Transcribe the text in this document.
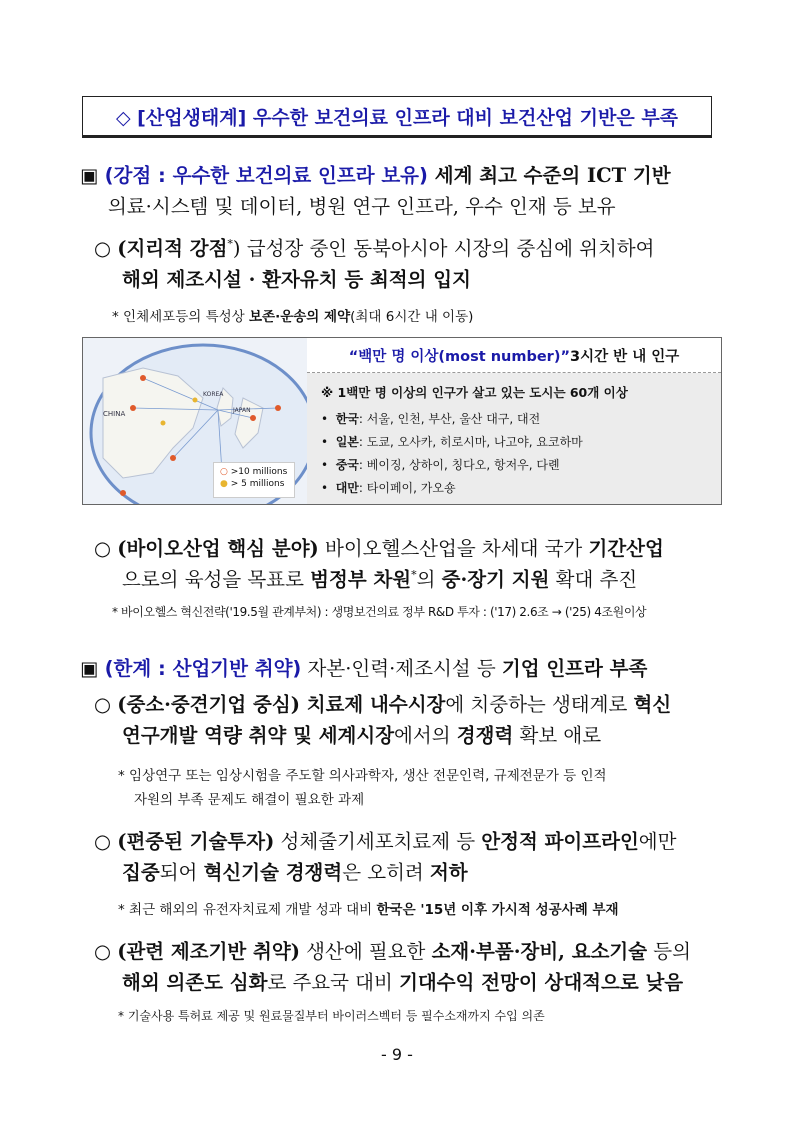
◇ [산업생태계] 우수한 보건의료 인프라 대비 보건산업 기반은 부족
▣ (강점 : 우수한 보건의료 인프라 보유) 세계 최고 수준의 ICT 기반
의료·시스템 및 데이터, 병원 연구 인프라, 우수 인재 등 보유
○ (지리적 강점*) 급성장 중인 동북아시아 시장의 중심에 위치하여
해외 제조시설 · 환자유치 등 최적의 입지
* 인체세포등의 특성상 보존·운송의 제약(최대 6시간 내 이동)
CHINA
KOREA
JAPAN
○ >10 millions
● > 5 millions
“백만 명 이상(most number)” 3시간 반 내 인구
※ 1백만 명 이상의 인구가 살고 있는 도시는 60개 이상
• 한국: 서울, 인천, 부산, 울산 대구, 대전
• 일본: 도쿄, 오사카, 히로시마, 나고야, 요코하마
• 중국: 베이징, 상하이, 칭다오, 항저우, 다롄
• 대만: 타이페이, 가오숑
○ (바이오산업 핵심 분야) 바이오헬스산업을 차세대 국가 기간산업
으로의 육성을 목표로 범정부 차원*의 중·장기 지원 확대 추진
* 바이오헬스 혁신전략('19.5월 관계부처) : 생명보건의료 정부 R&D 투자 : ('17) 2.6조 → ('25) 4조원이상
▣ (한계 : 산업기반 취약) 자본·인력·제조시설 등 기업 인프라 부족
○ (중소·중견기업 중심) 치료제 내수시장에 치중하는 생태계로 혁신
연구개발 역량 취약 및 세계시장에서의 경쟁력 확보 애로
* 임상연구 또는 임상시험을 주도할 의사과학자, 생산 전문인력, 규제전문가 등 인적
자원의 부족 문제도 해결이 필요한 과제
○ (편중된 기술투자) 성체줄기세포치료제 등 안정적 파이프라인에만
집중되어 혁신기술 경쟁력은 오히려 저하
* 최근 해외의 유전자치료제 개발 성과 대비 한국은 '15년 이후 가시적 성공사례 부재
○ (관련 제조기반 취약) 생산에 필요한 소재·부품·장비, 요소기술 등의
해외 의존도 심화로 주요국 대비 기대수익 전망이 상대적으로 낮음
* 기술사용 특허료 제공 및 원료물질부터 바이러스벡터 등 필수소재까지 수입 의존
- 9 -
